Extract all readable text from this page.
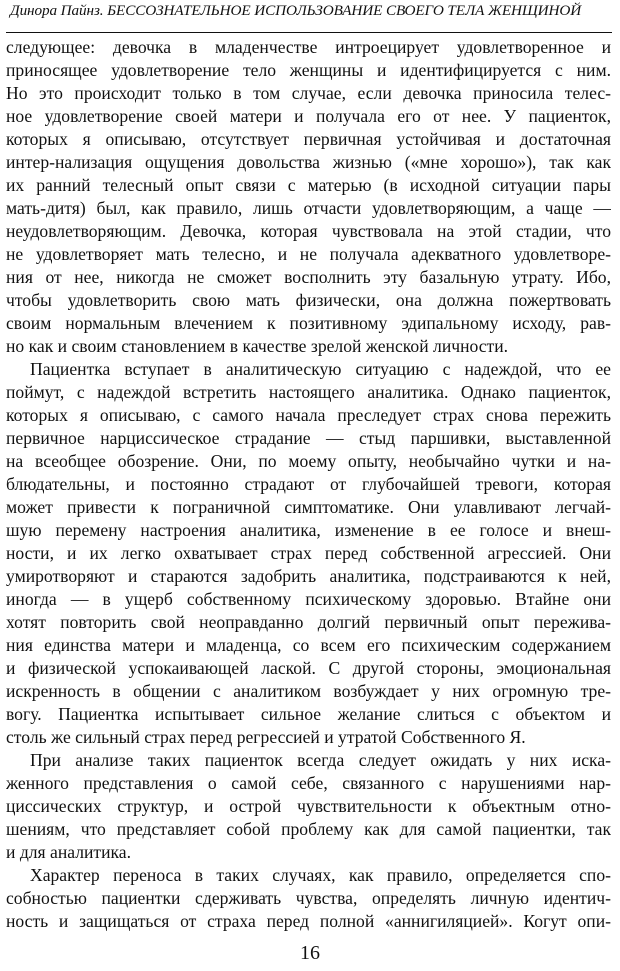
Динора Пайнз. БЕССОЗНАТЕЛЬНОЕ ИСПОЛЬЗОВАНИЕ СВОЕГО ТЕЛА ЖЕНЩИНОЙ
следующее: девочка в младенчестве интроецирует удовлетворенное и
приносящее удовлетворение тело женщины и идентифицируется с ним.
Но это происходит только в том случае, если девочка приносила телес-
ное удовлетворение своей матери и получала его от нее. У пациенток,
которых я описываю, отсутствует первичная устойчивая и достаточная
интер-нализация ощущения довольства жизнью («мне хорошо»), так как
их ранний телесный опыт связи с матерью (в исходной ситуации пары
мать-дитя) был, как правило, лишь отчасти удовлетворяющим, а чаще —
неудовлетворяющим. Девочка, которая чувствовала на этой стадии, что
не удовлетворяет мать телесно, и не получала адекватного удовлетворе-
ния от нее, никогда не сможет восполнить эту базальную утрату. Ибо,
чтобы удовлетворить свою мать физически, она должна пожертвовать
своим нормальным влечением к позитивному эдипальному исходу, рав-
но как и своим становлением в качестве зрелой женской личности.
Пациентка вступает в аналитическую ситуацию с надеждой, что ее
поймут, с надеждой встретить настоящего аналитика. Однако пациенток,
которых я описываю, с самого начала преследует страх снова пережить
первичное нарциссическое страдание — стыд паршивки, выставленной
на всеобщее обозрение. Они, по моему опыту, необычайно чутки и на-
блюдательны, и постоянно страдают от глубочайшей тревоги, которая
может привести к пограничной симптоматике. Они улавливают легчай-
шую перемену настроения аналитика, изменение в ее голосе и внеш-
ности, и их легко охватывает страх перед собственной агрессией. Они
умиротворяют и стараются задобрить аналитика, подстраиваются к ней,
иногда — в ущерб собственному психическому здоровью. Втайне они
хотят повторить свой неоправданно долгий первичный опыт пережива-
ния единства матери и младенца, со всем его психическим содержанием
и физической успокаивающей лаской. С другой стороны, эмоциональная
искренность в общении с аналитиком возбуждает у них огромную тре-
вогу. Пациентка испытывает сильное желание слиться с объектом и
столь же сильный страх перед регрессией и утратой Собственного Я.
При анализе таких пациенток всегда следует ожидать у них иска-
женного представления о самой себе, связанного с нарушениями нар-
циссических структур, и острой чувствительности к объектным отно-
шениям, что представляет собой проблему как для самой пациентки, так
и для аналитика.
Характер переноса в таких случаях, как правило, определяется спо-
собностью пациентки сдерживать чувства, определять личную идентич-
ность и защищаться от страха перед полной «аннигиляцией». Когут опи-
16
